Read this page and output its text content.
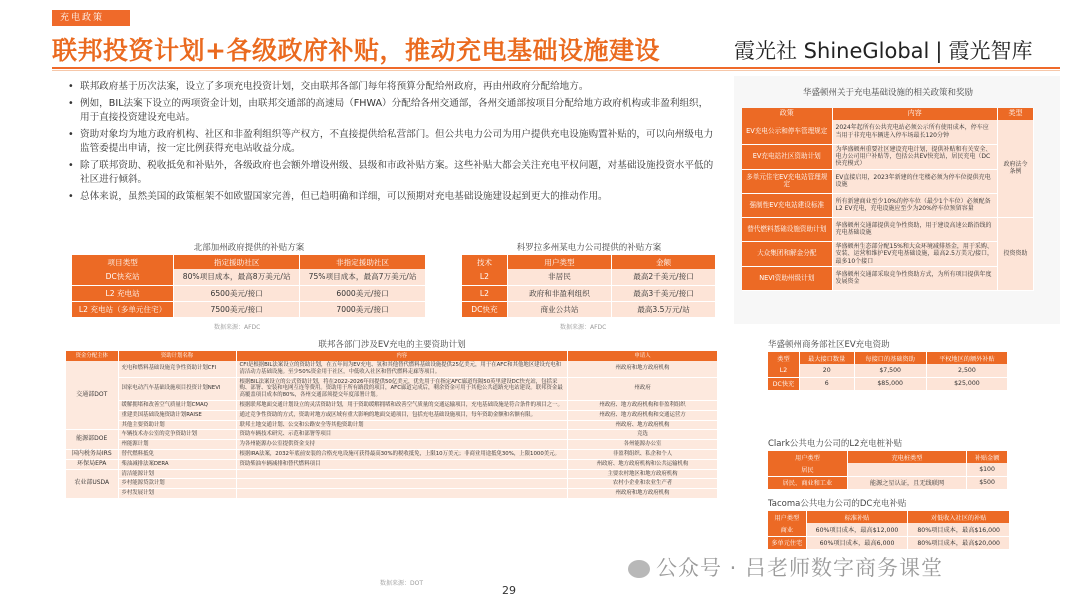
充电政策
联邦投资计划+各级政府补贴，推动充电基础设施建设	霞光社 ShineGlobal | 霞光智库
• 联邦政府基于历次法案，设立了多项充电投资计划，交由联邦各部门每年将预算分配给州政府，再由州政府分配给地方。
• 例如，BIL法案下设立的两项资金计划，由联邦交通部的高速局（FHWA）分配给各州交通部，各州交通部按项目分配给地方政府机构或非盈利组织，用于直接投资建设充电站。
• 资助对象均为地方政府机构、社区和非盈利组织等产权方，不直接提供给私营部门。但公共电力公司为用户提供充电设施购置补贴的，可以向州级电力监管委提出申请，按一定比例获得充电站收益分成。
• 除了联邦资助、税收抵免和补贴外，各级政府也会额外增设州级、县级和市政补贴方案。这些补贴大都会关注充电平权问题，对基础设施投资水平低的社区进行倾斜。
• 总体来说，虽然美国的政策框架不如欧盟国家完善，但已趋明确和详细，可以预期对充电基础设施建设起到更大的推动作用。
北部加州政府提供的补贴方案
项目类型	指定援助社区	非指定援助社区
DC快充站	80%项目成本，最高8万美元/站	75%项目成本，最高7万美元/站
L2 充电站	6500美元/接口	6000美元/接口
L2 充电站（多单元住宅）	7500美元/接口	7000美元/接口
数据来源：AFDC
科罗拉多州某电力公司提供的补贴方案
技术	用户类型	金额
L2	非居民	最高2千美元/接口
L2	政府和非盈利组织	最高3千美元/接口
DC快充	商业公共站	最高3.5万元/站
数据来源：AFDC
联邦各部门涉及EV充电的主要资助计划
资金分配主体	资助计划名称	内容	申请人
交通部DOT	充电和燃料基础设施竞争性资助计划CFI	CFI是根据BIL法案设立的资助计划，在五年间为EV充电、氢和其他替代燃料基础设施提供25亿美元，用于在AFC和其他地区建设充电和清洁动力基础设施。至少50%资金用于社区，中低收入社区和替代燃料走廊等项目。	州政府和地方政府机构
	国家电动汽车基础设施项目投资计划NEVI	根据BIL法案设立的公式资助计划，将在2022-2026年间提供50亿美元，优先用于在指定AFC廊道每隔50英里建设DC快充站，包括采购、部署、安装和电网互连等费用。资助用于所有路段的项目，AFC廊道完成后，剩余资金可用于其他公共道路充电站建设。联邦资金最高覆盖项目成本的80%，各州交通部须提交年度部署计划。	州政府
	缓解拥堵和改善空气质量计划CMAQ	根据联邦地面交通计划设立的灵活资助计划，用于资助缓解拥堵和改善空气质量的交通运输项目，充电基础设施是符合条件的项目之一。	州政府、地方政府机构和非盈利组织
	重建美国基础设施资助计划RAISE	通过竞争性资助的方式，资助对地方或区域有重大影响的地面交通项目，包括充电基础设施项目，每年资助金额和名额有限。	州政府、地方政府机构和交通运营方
	其他主要资助计划	联邦土地交通计划、公交和公路安全等其他资助计划	州政府、地方政府机构
能源部DOE	车辆技术办公室的竞争资助计划	资助车辆技术研究、示范和部署等项目	竞选
	州能源计划	为各州能源办公室提供资金支持	各州能源办公室
国内税务局IRS	替代燃料抵免	根据IRA法案，2032年底前安装的合格充电设施可获得最高30%的税收抵免，上限10万美元；非商业用途抵免30%，上限1000美元。	非盈利组织、私企和个人
环保局EPA	柴油减排法案DERA	资助柴油车辆减排和替代燃料项目	州政府、地方政府机构和公共运输机构
农业部USDA	清洁能源计划		主要农村地区和地方政府机构
	乡村能源贷款计划		农村小企业和农业生产者
	乡村发展计划		州政府和地方政府机构
数据来源：DOT
华盛顿州关于充电基础设施的相关政策和奖励
政策	内容	类型
EV充电公示和停车管理规定	2024年起所有公共充电站必须公示所有使用成本，停车应当用于非充电车辆进入停车场最长120分钟	政府法令条例
EV充电站社区资助计划	为华盛顿州重要社区建设充电计划，提供补贴和有关安全、电力公司用户补贴等，包括公共EV快充站，居民充电（DC快充模式）	
多单元住宅EV充电站管理规定	EV直接启用，2023年新建的住宅楼必须为停车位提供充电设施	
强制性EV充电站建设标准	所有新建商业至少10%的停车位（最少1个车位）必须配备L2 EV充电，充电设施应至少为20%停车位预留容量	
替代燃料基础设施资助计划	华盛顿州交通部提供竞争性资助，用于建设高速公路沿线的充电基础设施	投资资助
大众集团和解金分配	华盛顿州生态部分配15%和大众环境减排基金，用于采购、安装、运营和维护EV充电基础设施，最高2.5万美元/接口，最多10个接口	
NEVI资助州级计划	华盛顿州交通部采取竞争性资助方式，为所有项目提供年度发展资金	
华盛顿州商务部社区EV充电资助
类型	最大接口数量	每接口的基础资助	平权地区的额外补贴
L2	20	$7,500	2,500
DC快充	6	$85,000	$25,000
Clark公共电力公司的L2充电桩补贴
用户类型	充电桩类型	补贴金额
居民		$100
居民、商业和工业	能源之星认证，且无线联网	$500
Tacoma公共电力公司的DC充电补贴
用户类型	标准补贴	对低收入社区的补贴
商业	60%项目成本，最高$12,000	80%项目成本，最高$16,000
多单元住宅	60%项目成本，最高6,000	80%项目成本，最高$20,000
公众号 · 吕老师数字商务课堂
29
